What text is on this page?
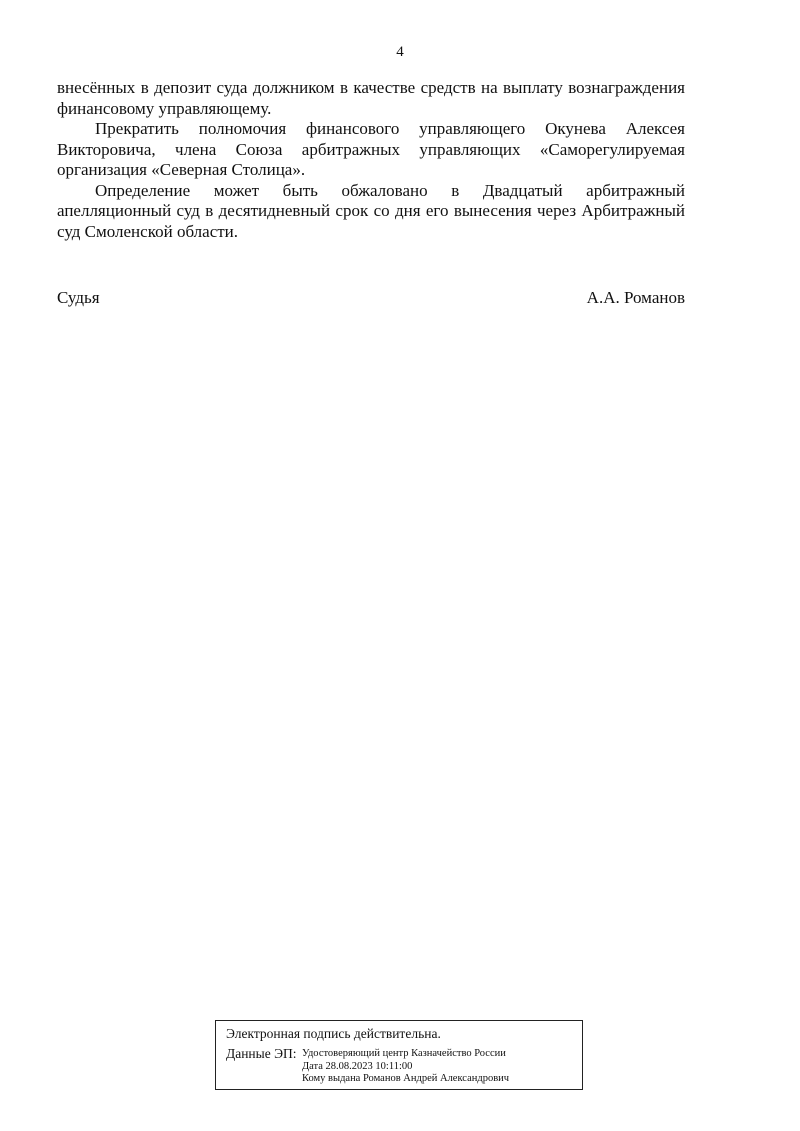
4

внесённых в депозит суда должником в качестве средств на выплату вознаграждения финансовому управляющему.

Прекратить полномочия финансового управляющего Окунева Алексея Викторовича, члена Союза арбитражных управляющих «Саморегулируемая организация «Северная Столица».

Определение может быть обжаловано в Двадцатый арбитражный апелляционный суд в десятидневный срок со дня его вынесения через Арбитражный суд Смоленской области.

Судья	А.А. Романов
Электронная подпись действительна.
Данные ЭП: Удостоверяющий центр Казначейство России
Дата 28.08.2023 10:11:00
Кому выдана Романов Андрей Александрович
